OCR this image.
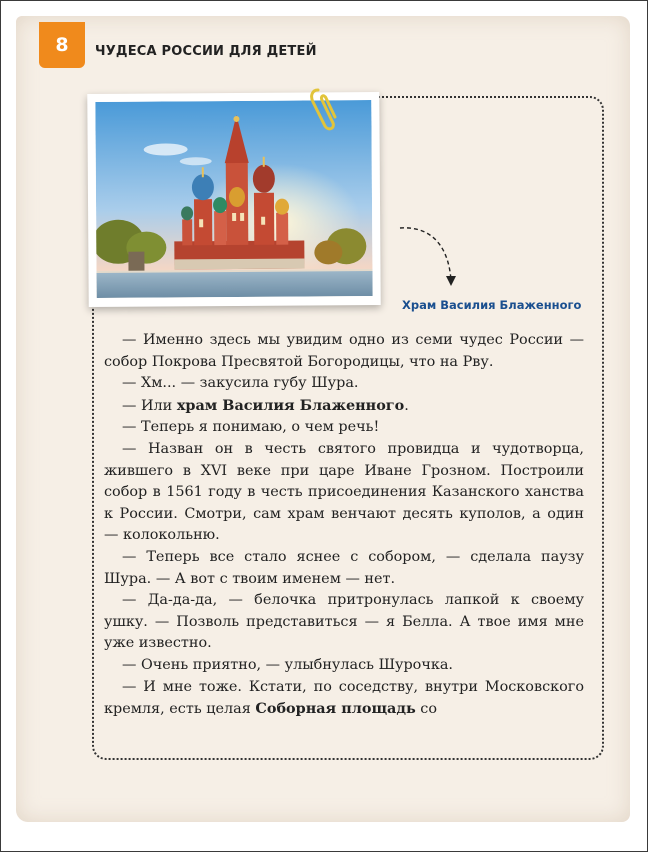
8 ЧУДЕСА РОССИИ ДЛЯ ДЕТЕЙ
Храм Василия Блаженного

— Именно здесь мы увидим одно из семи чудес России — собор Покрова Пресвятой Богородицы, что на Рву.

— Хм... — закусила губу Шура.

— Или храм Василия Блаженного.

— Теперь я понимаю, о чем речь!

— Назван он в честь святого провидца и чудотворца, жившего в XVI веке при царе Иване Грозном. Построили собор в 1561 году в честь присоединения Казанского ханства к России. Смотри, сам храм венчают десять куполов, а один — колокольню.

— Теперь все стало яснее с собором, — сделала паузу Шура. — А вот с твоим именем — нет.

— Да-да-да, — белочка притронулась лапкой к своему ушку. — Позволь представиться — я Белла. А твое имя мне уже известно.

— Очень приятно, — улыбнулась Шурочка.

— И мне тоже. Кстати, по соседству, внутри Московского кремля, есть целая Соборная площадь со
